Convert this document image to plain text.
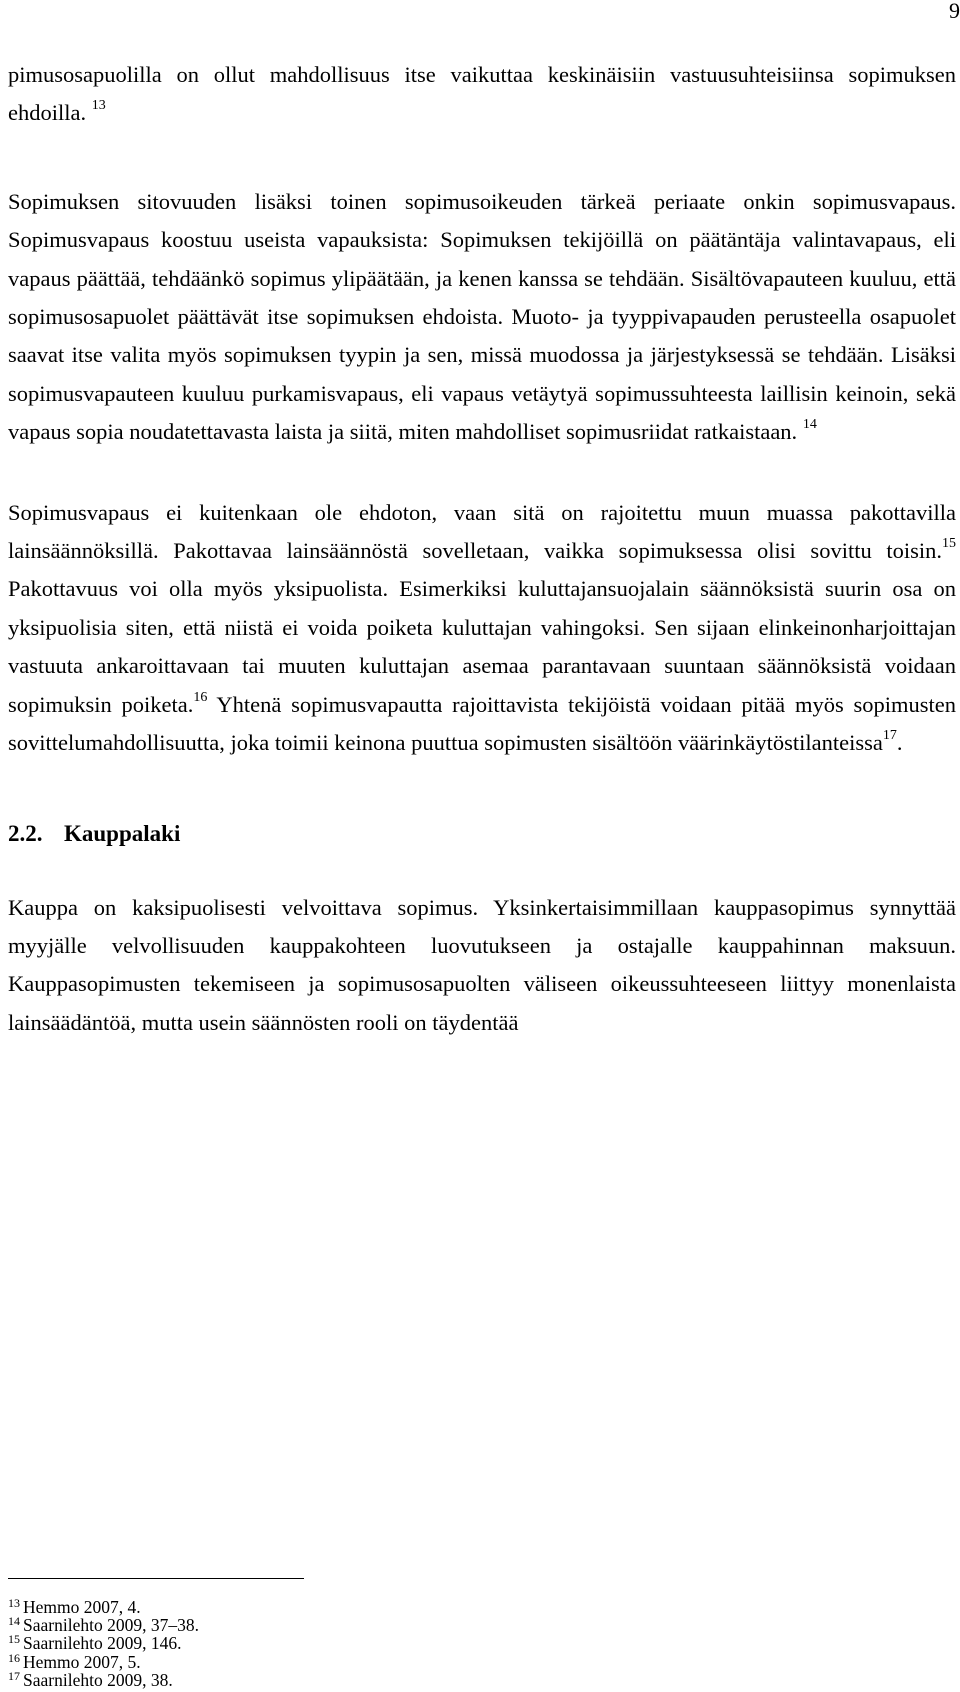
9

pimusosapuolilla on ollut mahdollisuus itse vaikuttaa keskinäisiin vastuusuhteisiinsa sopimuksen ehdoilla. $^{13}$

Sopimuksen sitovuuden lisäksi toinen sopimusoikeuden tärkeä periaate onkin sopimusvapaus. Sopimusvapaus koostuu useista vapauksista: Sopimuksen tekijöillä on päätäntäja valintavapaus, eli vapaus päättää, tehdäänkö sopimus ylipäätään, ja kenen kanssa se tehdään. Sisältövapauteen kuuluu, että sopimusosapuolet päättävät itse sopimuksen ehdoista. Muoto- ja tyyppivapauden perusteella osapuolet saavat itse valita myös sopimuksen tyypin ja sen, missä muodossa ja järjestyksessä se tehdään. Lisäksi sopimusvapauteen kuuluu purkamisvapaus, eli vapaus vetäytyä sopimussuhteesta laillisin keinoin, sekä vapaus sopia noudatettavasta laista ja siitä, miten mahdolliset sopimusriidat ratkaistaan. $^{14}$

Sopimusvapaus ei kuitenkaan ole ehdoton, vaan sitä on rajoitettu muun muassa pakottavilla lainsäännöksillä. Pakottavaa lainsäännöstä sovelletaan, vaikka sopimuksessa olisi sovittu toisin.$^{15}$ Pakottavuus voi olla myös yksipuolista. Esimerkiksi kuluttajansuojalain säännöksistä suurin osa on yksipuolisia siten, että niistä ei voida poiketa kuluttajan vahingoksi. Sen sijaan elinkeinonharjoittajan vastuuta ankaroittavaan tai muuten kuluttajan asemaa parantavaan suuntaan säännöksistä voidaan sopimuksin poiketa.$^{16}$ Yhtenä sopimusvapautta rajoittavista tekijöistä voidaan pitää myös sopimusten sovittelumahdollisuutta, joka toimii keinona puuttua sopimusten sisältöön väärinkäytöstilanteissa$^{17}$.

2.2. Kauppalaki

Kauppa on kaksipuolisesti velvoittava sopimus. Yksinkertaisimmillaan kauppasopimus synnyttää myyjälle velvollisuuden kauppakohteen luovutukseen ja ostajalle kauppahinnan maksuun. Kauppasopimusten tekemiseen ja sopimusosapuolten väliseen oikeussuhteeseen liittyy monenlaista lainsäädäntöä, mutta usein säännösten rooli on täydentää

$^{13}$ Hemmo 2007, 4.
$^{14}$ Saarnilehto 2009, 37–38.
$^{15}$ Saarnilehto 2009, 146.
$^{16}$ Hemmo 2007, 5.
$^{17}$ Saarnilehto 2009, 38.
